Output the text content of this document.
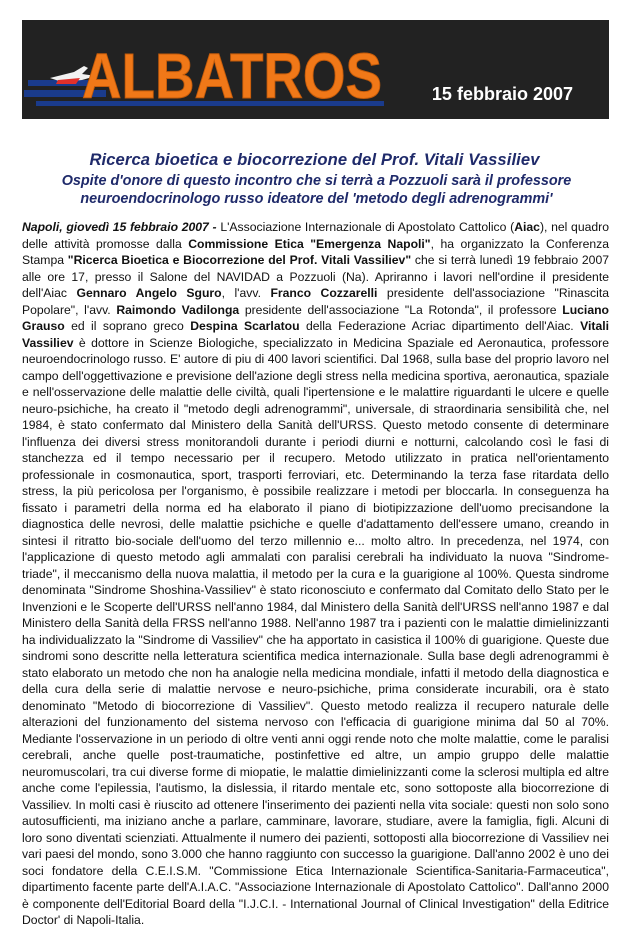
ALBATROS	15 febbraio 2007
Ricerca bioetica e biocorrezione del Prof. Vitali Vassiliev

Ospite d'onore di questo incontro che si terrà a Pozzuoli sarà il professore neuroendocrinologo russo ideatore del 'metodo degli adrenogrammi'

Napoli, giovedì 15 febbraio 2007 - L'Associazione Internazionale di Apostolato Cattolico (Aiac), nel quadro delle attività promosse dalla Commissione Etica "Emergenza Napoli", ha organizzato la Conferenza Stampa "Ricerca Bioetica e Biocorrezione del Prof. Vitali Vassiliev" che si terrà lunedì 19 febbraio 2007 alle ore 17, presso il Salone del NAVIDAD a Pozzuoli (Na). Apriranno i lavori nell'ordine il presidente dell'Aiac Gennaro Angelo Sguro, l'avv. Franco Cozzarelli presidente dell'associazione "Rinascita Popolare", l'avv. Raimondo Vadilonga presidente dell'associazione "La Rotonda", il professore Luciano Grauso ed il soprano greco Despina Scarlatou della Federazione Acriac dipartimento dell'Aiac. Vitali Vassiliev è dottore in Scienze Biologiche, specializzato in Medicina Spaziale ed Aeronautica, professore neuroendocrinologo russo. E' autore di piu di 400 lavori scientifici. Dal 1968, sulla base del proprio lavoro nel campo dell'oggettivazione e previsione dell'azione degli stress nella medicina sportiva, aeronautica, spaziale e nell'osservazione delle malattie delle civiltà, quali l'ipertensione e le malattire riguardanti le ulcere e quelle neuro-psichiche, ha creato il "metodo degli adrenogrammi", universale, di straordinaria sensibilità che, nel 1984, è stato confermato dal Ministero della Sanità dell'URSS. Questo metodo consente di determinare l'influenza dei diversi stress monitorandoli durante i periodi diurni e notturni, calcolando così le fasi di stanchezza ed il tempo necessario per il recupero. Metodo utilizzato in pratica nell'orientamento professionale in cosmonautica, sport, trasporti ferroviari, etc. Determinando la terza fase ritardata dello stress, la più pericolosa per l'organismo, è possibile realizzare i metodi per bloccarla. In conseguenza ha fissato i parametri della norma ed ha elaborato il piano di biotipizzazione dell'uomo precisandone la diagnostica delle nevrosi, delle malattie psichiche e quelle d'adattamento dell'essere umano, creando in sintesi il ritratto bio-sociale dell'uomo del terzo millennio e... molto altro. In precedenza, nel 1974, con l'applicazione di questo metodo agli ammalati con paralisi cerebrali ha individuato la nuova "Sindrome-triade", il meccanismo della nuova malattia, il metodo per la cura e la guarigione al 100%. Questa sindrome denominata "Sindrome Shoshina-Vassiliev" è stato riconosciuto e confermato dal Comitato dello Stato per le Invenzioni e le Scoperte dell'URSS nell'anno 1984, dal Ministero della Sanità dell'URSS nell'anno 1987 e dal Ministero della Sanità della FRSS nell'anno 1988. Nell'anno 1987 tra i pazienti con le malattie dimielinizzanti ha individualizzato la "Sindrome di Vassiliev" che ha apportato in casistica il 100% di guarigione. Queste due sindromi sono descritte nella letteratura scientifica medica internazionale. Sulla base degli adrenogrammi è stato elaborato un metodo che non ha analogie nella medicina mondiale, infatti il metodo della diagnostica e della cura della serie di malattie nervose e neuro-psichiche, prima considerate incurabili, ora è stato denominato "Metodo di biocorrezione di Vassiliev". Questo metodo realizza il recupero naturale delle alterazioni del funzionamento del sistema nervoso con l'efficacia di guarigione minima dal 50 al 70%. Mediante l'osservazione in un periodo di oltre venti anni oggi rende noto che molte malattie, come le paralisi cerebrali, anche quelle post-traumatiche, postinfettive ed altre, un ampio gruppo delle malattie neuromuscolari, tra cui diverse forme di miopatie, le malattie dimielinizzanti come la sclerosi multipla ed altre anche come l'epilessia, l'autismo, la dislessia, il ritardo mentale etc, sono sottoposte alla biocorrezione di Vassiliev. In molti casi è riuscito ad ottenere l'inserimento dei pazienti nella vita sociale: questi non solo sono autosufficienti, ma iniziano anche a parlare, camminare, lavorare, studiare, avere la famiglia, figli. Alcuni di loro sono diventati scienziati. Attualmente il numero dei pazienti, sottoposti alla biocorrezione di Vassiliev nei vari paesi del mondo, sono 3.000 che hanno raggiunto con successo la guarigione. Dall'anno 2002 è uno dei soci fondatore della C.E.I.S.M. "Commissione Etica Internazionale Scientifica-Sanitaria-Farmaceutica", dipartimento facente parte dell'A.I.A.C. "Associazione Internazionale di Apostolato Cattolico". Dall'anno 2000 è componente dell'Editorial Board della "I.J.C.I. - International Journal of Clinical Investigation" della Editrice Doctor' di Napoli-Italia.
